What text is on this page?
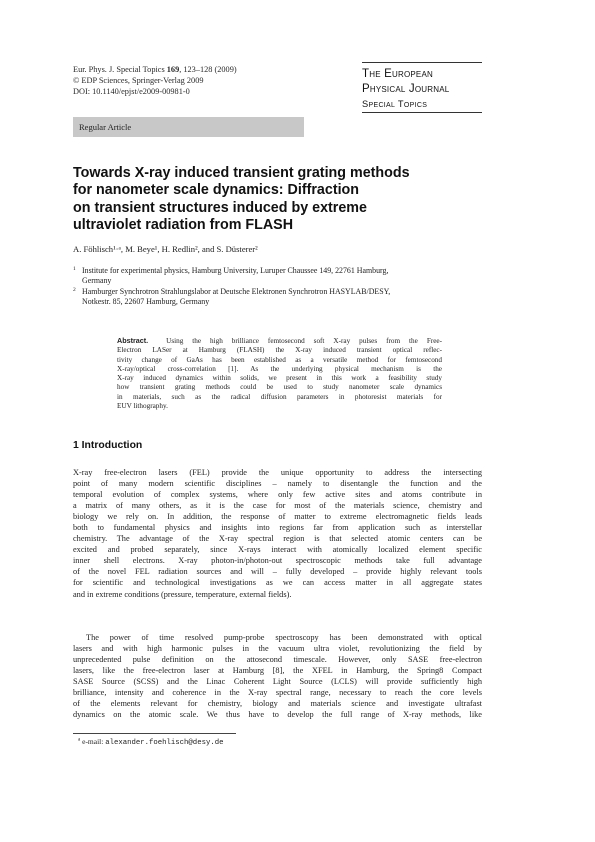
Eur. Phys. J. Special Topics 169, 123–128 (2009)
© EDP Sciences, Springer-Verlag 2009
DOI: 10.1140/epjst/e2009-00981-0
The European
Physical Journal
Special Topics
Regular Article
Towards X-ray induced transient grating methods
for nanometer scale dynamics: Diffraction
on transient structures induced by extreme
ultraviolet radiation from FLASH
A. Föhlisch¹·ᵃ, M. Beye¹, H. Redlin², and S. Düsterer²
1 Institute for experimental physics, Hamburg University, Luruper Chaussee 149, 22761 Hamburg,
Germany
2 Hamburger Synchrotron Strahlungslabor at Deutsche Elektronen Synchrotron HASYLAB/DESY,
Notkestr. 85, 22607 Hamburg, Germany
Abstract. Using the high brilliance femtosecond soft X-ray pulses from the Free-
Electron LASer at Hamburg (FLASH) the X-ray induced transient optical reflec-
tivity change of GaAs has been established as a versatile method for femtosecond
X-ray/optical cross-correlation [1]. As the underlying physical mechanism is the
X-ray induced dynamics within solids, we present in this work a feasibility study
how transient grating methods could be used to study nanometer scale dynamics
in materials, such as the radical diffusion parameters in photoresist materials for
EUV lithography.
1 Introduction
X-ray free-electron lasers (FEL) provide the unique opportunity to address the intersecting
point of many modern scientific disciplines – namely to disentangle the function and the
temporal evolution of complex systems, where only few active sites and atoms contribute in
a matrix of many others, as it is the case for most of the materials science, chemistry and
biology we rely on. In addition, the response of matter to extreme electromagnetic fields leads
both to fundamental physics and insights into regions far from application such as interstellar
chemistry. The advantage of the X-ray spectral region is that selected atomic centers can be
excited and probed separately, since X-rays interact with atomically localized element specific
inner shell electrons. X-ray photon-in/photon-out spectroscopic methods take full advantage
of the novel FEL radiation sources and will – fully developed – provide highly relevant tools
for scientific and technological investigations as we can access matter in all aggregate states
and in extreme conditions (pressure, temperature, external fields).
The power of time resolved pump-probe spectroscopy has been demonstrated with optical
lasers and with high harmonic pulses in the vacuum ultra violet, revolutionizing the field by
unprecedented pulse definition on the attosecond timescale. However, only SASE free-electron
lasers, like the free-electron laser at Hamburg [8], the XFEL in Hamburg, the Spring8 Compact
SASE Source (SCSS) and the Linac Coherent Light Source (LCLS) will provide sufficiently high
brilliance, intensity and coherence in the X-ray spectral range, necessary to reach the core levels
of the elements relevant for chemistry, biology and materials science and investigate ultrafast
dynamics on the atomic scale. We thus have to develop the full range of X-ray methods, like
$^a$ e-mail: alexander.foehlisch@desy.de
